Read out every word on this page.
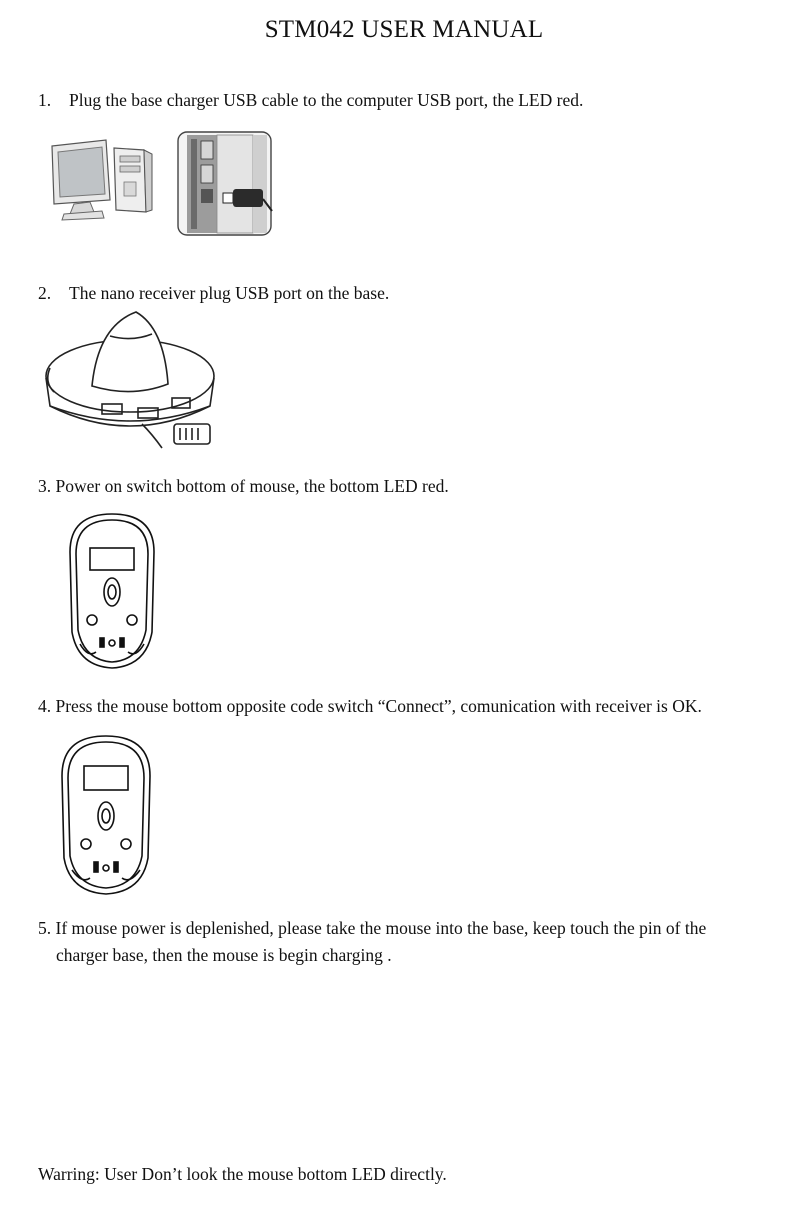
STM042 USER MANUAL
1. Plug the base charger USB cable to the computer USB port, the LED red.
2. The nano receiver plug USB port on the base.
3. Power on switch bottom of mouse, the bottom LED red.
4. Press the mouse bottom opposite code switch “Connect”, comunication with receiver is OK.
5. If mouse power is deplenished, please take the mouse into the base, keep touch the pin of the
charger base, then the mouse is begin charging .
Warring: User Don’t look the mouse bottom LED directly.
